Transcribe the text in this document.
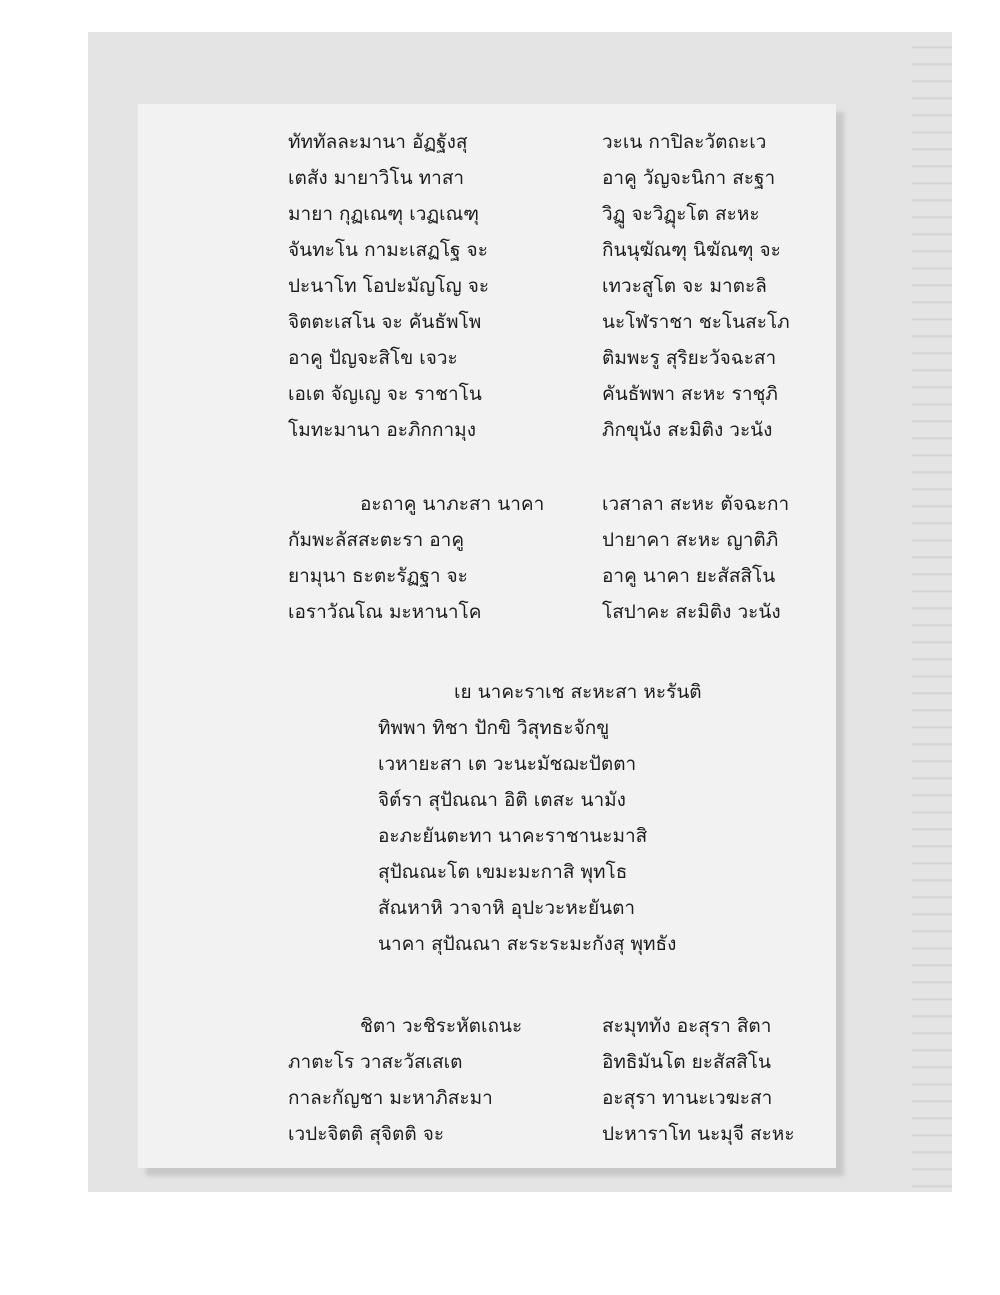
ทัททัลละมานา อัฏฐังสุ	วะเน กาปิละวัตถะเว
เตสัง มายาวิโน ทาสา	อาคู วัญจะนิกา สะฐา
มายา กุฏเณฑุ เวฏเณฑุ	วิฏู จะวิฏุะโต สะหะ
จันทะโน กามะเสฏโฐ จะ	กินนุฆัณฑุ นิฆัณฑุ จะ
ปะนาโท โอปะมัญโญ จะ	เทวะสูโต จะ มาตะลิ
จิตตะเสโน จะ คันธัพโพ	นะโฬราชา ชะโนสะโภ
อาคู ปัญจะสิโข เจวะ	ติมพะรู สุริยะวัจฉะสา
เอเต จัญเญ จะ ราชาโน	คันธัพพา สะหะ ราชุภิ
โมทะมานา อะภิกกามุง	ภิกขุนัง สะมิติง วะนัง
อะถาคู นาภะสา นาคา	เวสาลา สะหะ ตัจฉะกา
กัมพะลัสสะตะรา อาคู	ปายาคา สะหะ ญาติภิ
ยามุนา ธะตะรัฏฐา จะ	อาคู นาคา ยะสัสสิโน
เอราวัณโณ มะหานาโค	โสปาคะ สะมิติง วะนัง
เย นาคะราเช สะหะสา หะรันติ
ทิพพา ทิชา ปักขิ วิสุทธะจักขู
เวหายะสา เต วะนะมัชฌะปัตตา
จิต์รา สุปัณณา อิติ เตสะ นามัง
อะภะยันตะทา นาคะราชานะมาสิ
สุปัณณะโต เขมะมะกาสิ พุทโธ
สัณหาหิ วาจาหิ อุปะวะหะยันตา
นาคา สุปัณณา สะระระมะกังสุ พุทธัง
ชิตา วะชิระหัตเถนะ	สะมุททัง อะสุรา สิตา
ภาตะโร วาสะวัสเสเต	อิทธิมันโต ยะสัสสิโน
กาละกัญชา มะหาภิสะมา	อะสุรา ทานะเวฆะสา
เวปะจิตติ สุจิตติ จะ	ปะหาราโท นะมุจี สะหะ
